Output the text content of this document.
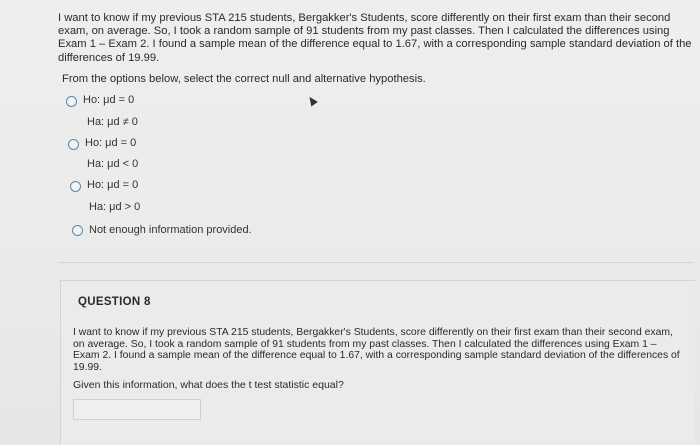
I want to know if my previous STA 215 students, Bergakker's Students, score differently on their first exam than their second exam, on average. So, I took a random sample of 91 students from my past classes. Then I calculated the differences using Exam 1 – Exam 2. I found a sample mean of the difference equal to 1.67, with a corresponding sample standard deviation of the differences of 19.99.

From the options below, select the correct null and alternative hypothesis.

Ho: μd = 0
Ha: μd ≠ 0
Ho: μd = 0
Ha: μd < 0
Ho: μd = 0
Ha: μd > 0
Not enough information provided.
QUESTION 8

I want to know if my previous STA 215 students, Bergakker's Students, score differently on their first exam than their second exam, on average. So, I took a random sample of 91 students from my past classes. Then I calculated the differences using Exam 1 – Exam 2. I found a sample mean of the difference equal to 1.67, with a corresponding sample standard deviation of the differences of 19.99.

Given this information, what does the t test statistic equal?
